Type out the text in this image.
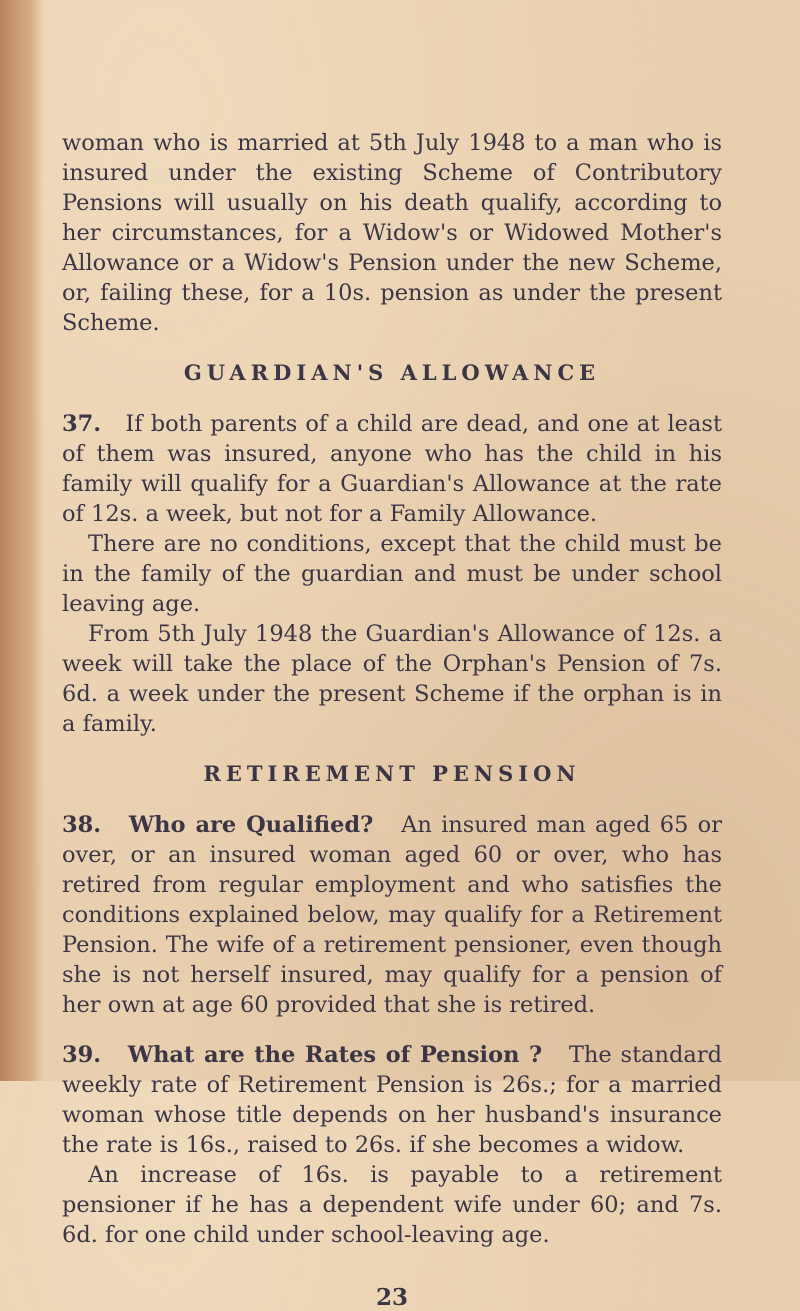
woman who is married at 5th July 1948 to a man who is insured under the existing Scheme of Contributory Pensions will usually on his death qualify, according to her circumstances, for a Widow's or Widowed Mother's Allowance or a Widow's Pension under the new Scheme, or, failing these, for a 10s. pension as under the present Scheme.

GUARDIAN'S ALLOWANCE

37. If both parents of a child are dead, and one at least of them was insured, anyone who has the child in his family will qualify for a Guardian's Allowance at the rate of 12s. a week, but not for a Family Allowance.

There are no conditions, except that the child must be in the family of the guardian and must be under school leaving age.

From 5th July 1948 the Guardian's Allowance of 12s. a week will take the place of the Orphan's Pension of 7s. 6d. a week under the present Scheme if the orphan is in a family.

RETIREMENT PENSION

38. Who are Qualified? An insured man aged 65 or over, or an insured woman aged 60 or over, who has retired from regular employment and who satisfies the conditions explained below, may qualify for a Retirement Pension. The wife of a retirement pensioner, even though she is not herself insured, may qualify for a pension of her own at age 60 provided that she is retired.

39. What are the Rates of Pension ? The standard weekly rate of Retirement Pension is 26s.; for a married woman whose title depends on her husband's insurance the rate is 16s., raised to 26s. if she becomes a widow.

An increase of 16s. is payable to a retirement pensioner if he has a dependent wife under 60; and 7s. 6d. for one child under school-leaving age.

23
